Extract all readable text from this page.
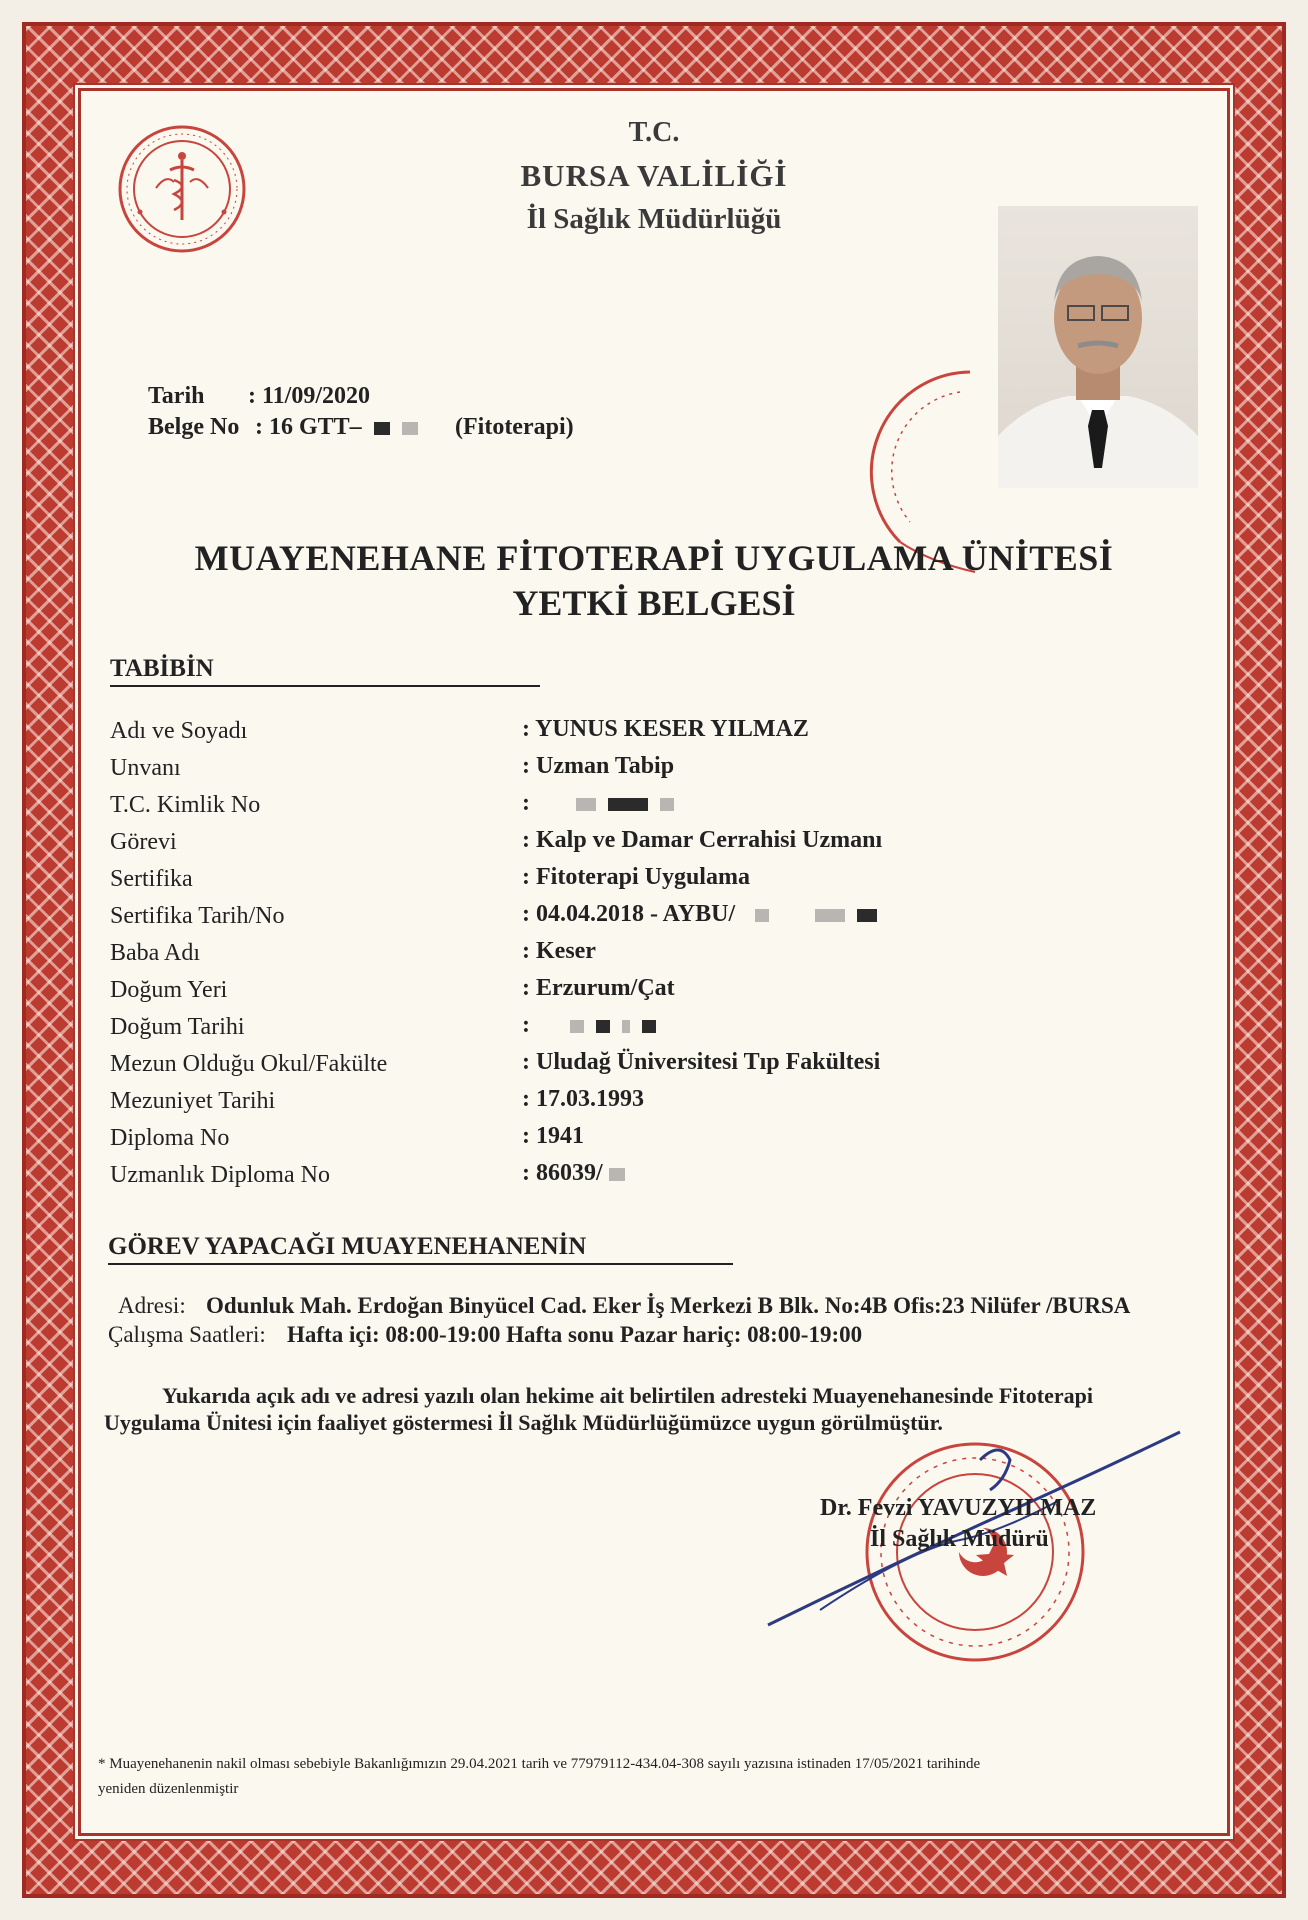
T.C.
BURSA VALİLİĞİ
İl Sağlık Müdürlüğü
Tarih : 11/09/2020
Belge No : 16 GTT–	(Fitoterapi)
MUAYENEHANE FİTOTERAPİ UYGULAMA ÜNİTESİ
YETKİ BELGESİ
TABİBİN
Adı ve Soyadı	: YUNUS KESER YILMAZ
Unvanı	: Uzman Tabip
T.C. Kimlik No	:
Görevi	: Kalp ve Damar Cerrahisi Uzmanı
Sertifika	: Fitoterapi Uygulama
Sertifika Tarih/No	: 04.04.2018 - AYBU/
Baba Adı	: Keser
Doğum Yeri	: Erzurum/Çat
Doğum Tarihi	:
Mezun Olduğu Okul/Fakülte	: Uludağ Üniversitesi Tıp Fakültesi
Mezuniyet Tarihi	: 17.03.1993
Diploma No	: 1941
Uzmanlık Diploma No	: 86039/
GÖREV YAPACAĞI MUAYENEHANENİN
Adresi: Odunluk Mah. Erdoğan Binyücel Cad. Eker İş Merkezi B Blk. No:4B Ofis:23 Nilüfer /BURSA
Çalışma Saatleri: Hafta içi: 08:00-19:00 Hafta sonu Pazar hariç: 08:00-19:00
Yukarıda açık adı ve adresi yazılı olan hekime ait belirtilen adresteki Muayenehanesinde Fitoterapi
Uygulama Ünitesi için faaliyet göstermesi İl Sağlık Müdürlüğümüzce uygun görülmüştür.
Dr. Fevzi YAVUZYILMAZ
İl Sağlık Müdürü
* Muayenehanenin nakil olması sebebiyle Bakanlığımızın 29.04.2021 tarih ve 77979112-434.04-308 sayılı yazısına istinaden 17/05/2021 tarihinde
yeniden düzenlenmiştir
